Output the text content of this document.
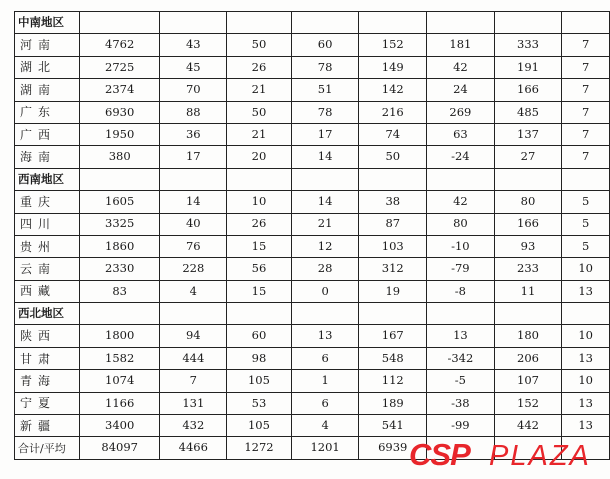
中南地区								
河南	4762	43	50	60	152	181	333	7
湖北	2725	45	26	78	149	42	191	7
湖南	2374	70	21	51	142	24	166	7
广东	6930	88	50	78	216	269	485	7
广西	1950	36	21	17	74	63	137	7
海南	380	17	20	14	50	-24	27	7
西南地区								
重庆	1605	14	10	14	38	42	80	5
四川	3325	40	26	21	87	80	166	5
贵州	1860	76	15	12	103	-10	93	5
云南	2330	228	56	28	312	-79	233	10
西藏	83	4	15	0	19	-8	11	13
西北地区								
陕西	1800	94	60	13	167	13	180	10
甘肃	1582	444	98	6	548	-342	206	13
青海	1074	7	105	1	112	-5	107	10
宁夏	1166	131	53	6	189	-38	152	13
新疆	3400	432	105	4	541	-99	442	13
合计/平均	84097	4466	1272	1201	6939			CSP PLAZA
